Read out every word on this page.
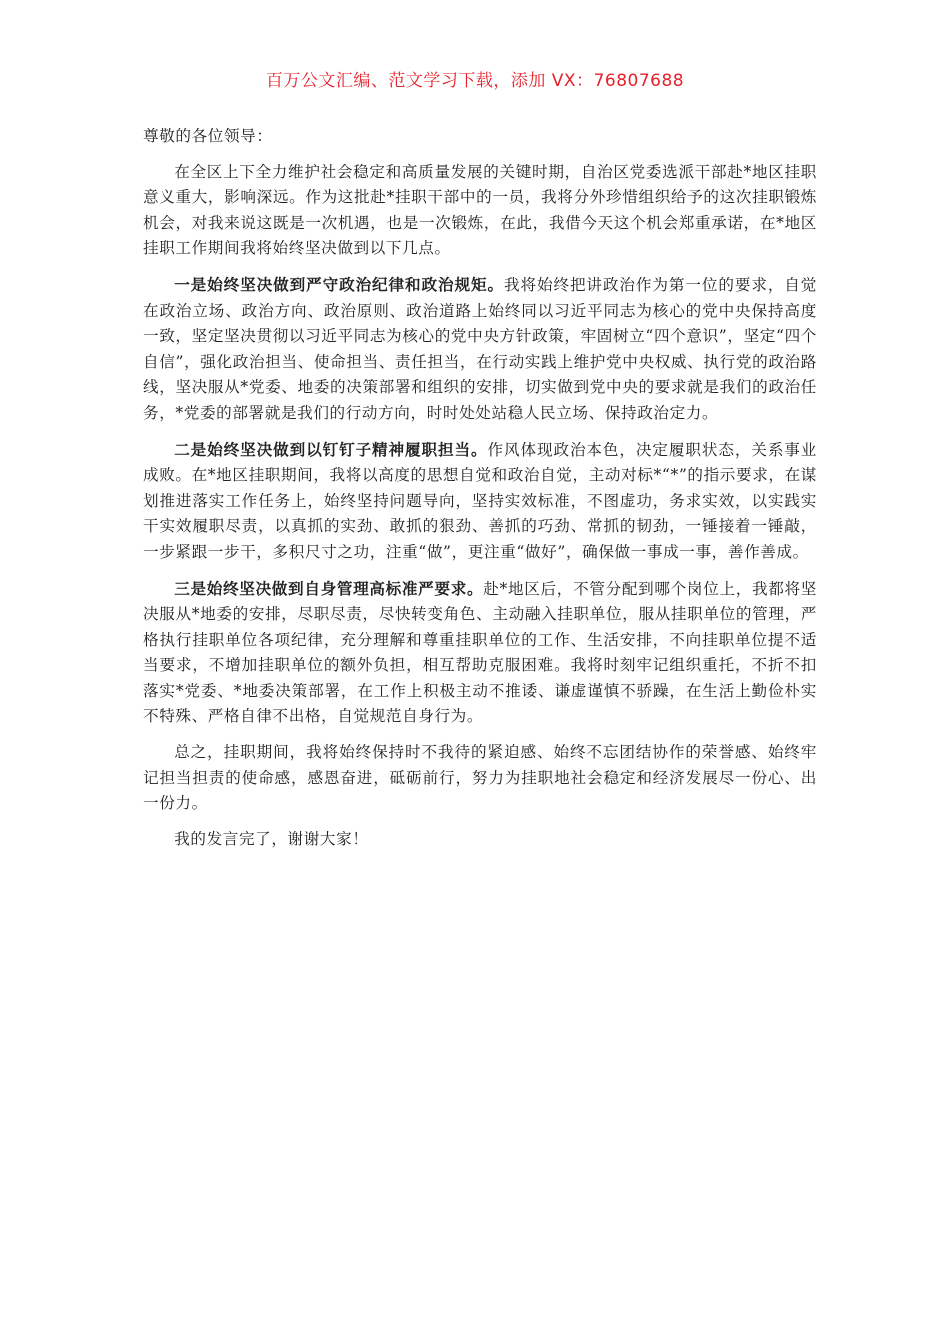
百万公文汇编、范文学习下载，添加 VX：76807688

尊敬的各位领导：

在全区上下全力维护社会稳定和高质量发展的关键时期，自治区党委选派干部赴*地区挂职意义重大，影响深远。作为这批赴*挂职干部中的一员，我将分外珍惜组织给予的这次挂职锻炼机会，对我来说这既是一次机遇，也是一次锻炼，在此，我借今天这个机会郑重承诺，在*地区挂职工作期间我将始终坚决做到以下几点。

一是始终坚决做到严守政治纪律和政治规矩。我将始终把讲政治作为第一位的要求，自觉在政治立场、政治方向、政治原则、政治道路上始终同以习近平同志为核心的党中央保持高度一致，坚定坚决贯彻以习近平同志为核心的党中央方针政策，牢固树立“四个意识”，坚定“四个自信”，强化政治担当、使命担当、责任担当，在行动实践上维护党中央权威、执行党的政治路线，坚决服从*党委、地委的决策部署和组织的安排，切实做到党中央的要求就是我们的政治任务，*党委的部署就是我们的行动方向，时时处处站稳人民立场、保持政治定力。

二是始终坚决做到以钉钉子精神履职担当。作风体现政治本色，决定履职状态，关系事业成败。在*地区挂职期间，我将以高度的思想自觉和政治自觉，主动对标*“*”的指示要求，在谋划推进落实工作任务上，始终坚持问题导向，坚持实效标准，不图虚功，务求实效，以实践实干实效履职尽责，以真抓的实劲、敢抓的狠劲、善抓的巧劲、常抓的韧劲，一锤接着一锤敲，一步紧跟一步干，多积尺寸之功，注重“做”，更注重“做好”，确保做一事成一事，善作善成。

三是始终坚决做到自身管理高标准严要求。赴*地区后，不管分配到哪个岗位上，我都将坚决服从*地委的安排，尽职尽责，尽快转变角色、主动融入挂职单位，服从挂职单位的管理，严格执行挂职单位各项纪律，充分理解和尊重挂职单位的工作、生活安排，不向挂职单位提不适当要求，不增加挂职单位的额外负担，相互帮助克服困难。我将时刻牢记组织重托，不折不扣落实*党委、*地委决策部署，在工作上积极主动不推诿、谦虚谨慎不骄躁，在生活上勤俭朴实不特殊、严格自律不出格，自觉规范自身行为。

总之，挂职期间，我将始终保持时不我待的紧迫感、始终不忘团结协作的荣誉感、始终牢记担当担责的使命感，感恩奋进，砥砺前行，努力为挂职地社会稳定和经济发展尽一份心、出一份力。

我的发言完了，谢谢大家！
